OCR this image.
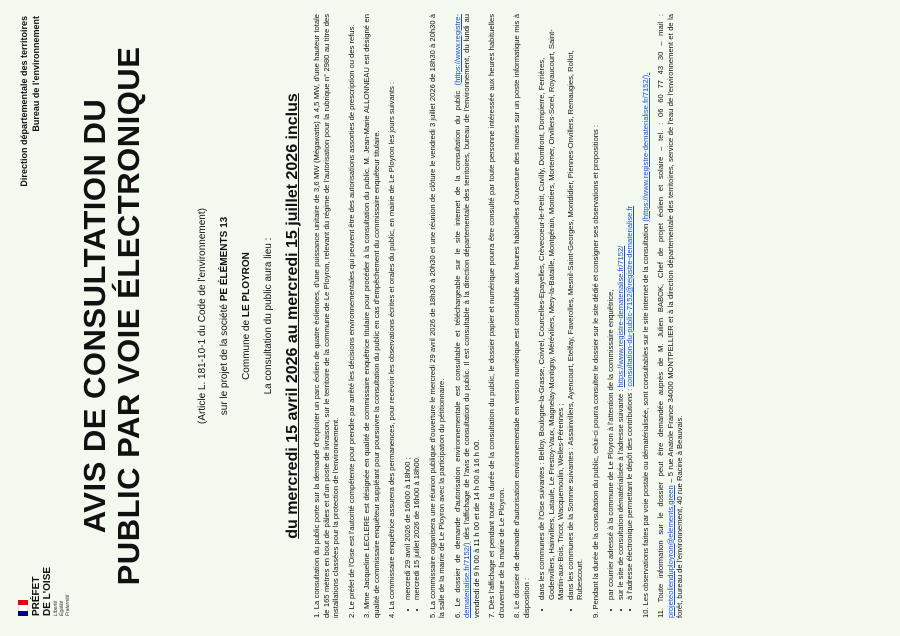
PRÉFET DE L'OISE Liberté Égalité Fraternité
Direction départementale des territoires Bureau de l'environnement
AVIS DE CONSULTATION DU PUBLIC PAR VOIE ÉLECTRONIQUE	(Article L. 181-10-1 du Code de l'environnement)	sur le projet de la société PE ÉLÉMENTS 13
Commune de LE PLOYRON	La consultation du public aura lieu : du mercredi 15 avril 2026 au mercredi 15 juillet 2026 inclus 1. La consultation du public porte sur la demande d'exploiter un parc éolien de quatre éoliennes, d'une puissance unitaire de 3,6 MW (Mégawatts) à 4,5 MW, d'une hauteur totale de 165 mètres en bout de pâles et d'un poste de livraison, sur le territoire de la commune de Le Ployron, relevant du régime de l'autorisation pour la rubrique n° 2980 au titre des installations classées pour la protection de l'environnement. 2. Le préfet de l'Oise est l'autorité compétente pour prendre par arrêté les décisions environnementales qui peuvent être des autorisations assorties de prescription ou des refus. 3. Mme Jacqueline LECLERE est désignée en qualité de commissaire enquêtrice titulaire pour procéder à la consultation du public. M. Jean-Marie ALLONNEAU est désigné en qualité de commissaire enquêteur suppléant pour poursuivre la consultation du public en cas d'empêchement du commissaire enquêteur titulaire. 4. La commissaire enquêtrice assurera des permanences, pour recevoir les observations écrites et orales du public, en mairie de Le Ployron les jours suivants : • mercredi 29 avril 2026 de 16h00 à 18h00 ; • mercredi 15 juillet 2026 de 16h00 à 18h00. 5. La commissaire organisera une réunion publique d'ouverture le mercredi 29 avril 2026 de 18h30 à 20h30 et une réunion de clôture le vendredi 3 juillet 2026 de 18h30 à 20h30 à la salle de la mairie de Le Ployron avec la participation du pétitionnaire. 6. Le dossier de demande d'autorisation environnementale est consultable et téléchargeable sur le site internet de la consultation du public (https://www.registre-dematerialise.fr/7152/) dès l'affichage de l'avis de consultation du public. Il est consultable à la direction départementale des territoires, bureau de l'environnement, du lundi au vendredi de 9 h 00 à 11 h 00 et de 14 h 00 à 16 h 00. 7. Dès l'affichage et pendant toute la durée de la consultation du public, le dossier papier et numérique pourra être consulté par toute personne intéressée aux heures habituelles d'ouverture de la mairie de Le Ployron. 8. Le dossier de demande d'autorisation environnementale en version numérique est consultable aux heures habituelles d'ouverture des mairies sur un poste informatique mis à disposition : • dans les communes de l'Oise suivantes : Belloy, Boulogne-la-Grasse, Coivrel, Courcelles-Epayelles, Crèvecoeur-le-Petit, Cuvilly, Domfront, Dompierre, Ferrières, Godenvillers, Hainvillers, Lataule, Le Frestoy-Vaux, Maignelay-Montigny, Méréviliers, Mery-la-Bataille, Montgérain, Montiers, Mortemer, Orvillers-Sorel, Royaucourt, Saint-Martin-aux-Bois, Tricot, Wacquemoulin, Welles-Pérennes ; • dans les communes de la Somme suivantes : Assainvillers, Ayencourt, Etelfay, Faverolles, Mesnil-Saint-Georges, Montdidier, Piennes-Onvillers, Remaugies, Rollot, Rubescourt. 9. Pendant la durée de la consultation du public, celui-ci pourra consulter le dossier sur le site dédié et consigner ses observations et propositions : • par courrier adressé à la commune de Le Ployron à l'attention de la commissaire enquêtrice, • sur le site de consultation dématérialisée à l'adresse suivante : https://www.registre-dematerialise.fr/7152/
• à l'adresse électronique permettant le dépôt des contributions : consultation-du-public-7152@registre-dematerialise.fr 10. Les observations faites par voie postale ou dématérialisée, sont consultables sur le site internet de la consultation (https://www.registre-dematerialise.fr/7152/). 11. Toute information sur le dossier peut être demandée auprès de M. Julien BABOK, Chef de projet éolien et solaire – tel. : 06 60 77 43 30 – mail : projeteolienduployron@elements.green – 5 rue Anatole France 34000 MONTPELLIER et à la direction départementale des territoires, service de l'eau de l'environnement et de la forêt, bureau de l'environnement, 40 rue Racine à Beauvais.
